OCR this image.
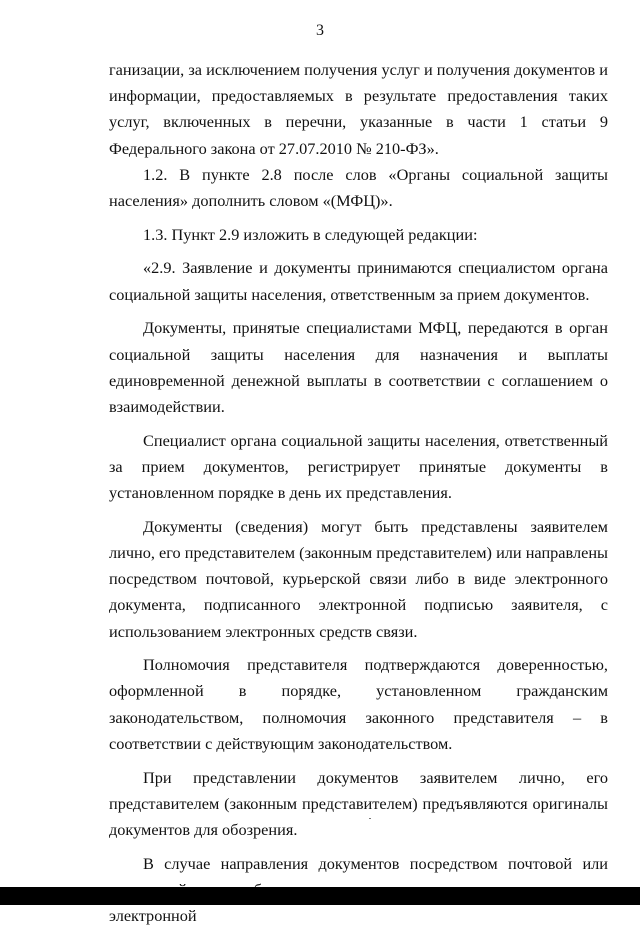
3

ганизации, за исключением получения услуг и получения документов и информации, предоставляемых в результате предоставления таких услуг, включенных в перечни, указанные в части 1 статьи 9 Федерального закона от 27.07.2010 № 210-ФЗ».

1.2. В пункте 2.8 после слов «Органы социальной защиты населения» дополнить словом «(МФЦ)».

1.3. Пункт 2.9 изложить в следующей редакции:

«2.9. Заявление и документы принимаются специалистом органа социальной защиты населения, ответственным за прием документов.

Документы, принятые специалистами МФЦ, передаются в орган социальной защиты населения для назначения и выплаты единовременной денежной выплаты в соответствии с соглашением о взаимодействии.

Специалист органа социальной защиты населения, ответственный за прием документов, регистрирует принятые документы в установленном порядке в день их представления.

Документы (сведения) могут быть представлены заявителем лично, его представителем (законным представителем) или направлены посредством почтовой, курьерской связи либо в виде электронного документа, подписанного электронной подписью заявителя, с использованием электронных средств связи.

Полномочия представителя подтверждаются доверенностью, оформленной в порядке, установленном гражданским законодательством, полномочия законного представителя – в соответствии с действующим законодательством.

При представлении документов заявителем лично, его представителем (законным представителем) предъявляются оригиналы документов для обозрения.

В случае направления документов посредством почтовой или электронной
